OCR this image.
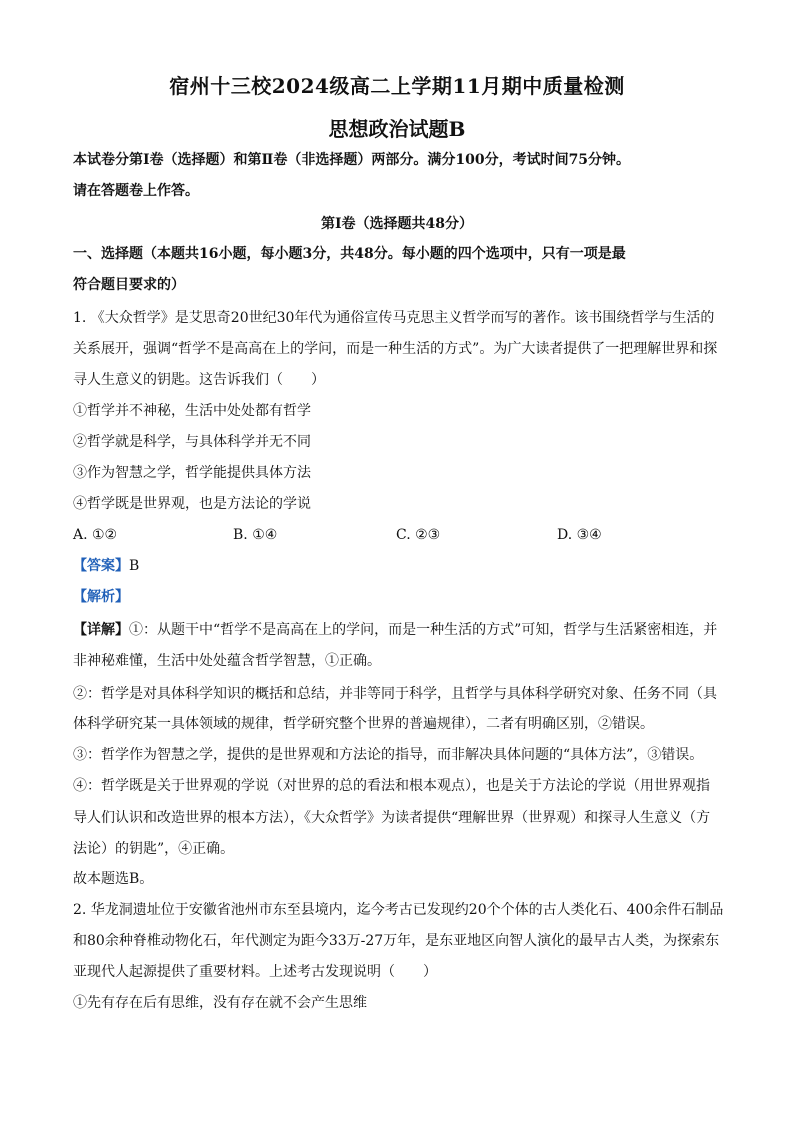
宿州十三校2024级高二上学期11月期中质量检测
思想政治试题B
本试卷分第Ⅰ卷（选择题）和第Ⅱ卷（非选择题）两部分。满分100分，考试时间75分钟。
请在答题卷上作答。
第Ⅰ卷（选择题共48分）
一、选择题（本题共16小题，每小题3分，共48分。每小题的四个选项中，只有一项是最
符合题目要求的）
1. 《大众哲学》是艾思奇20世纪30年代为通俗宣传马克思主义哲学而写的著作。该书围绕哲学与生活的
关系展开，强调“哲学不是高高在上的学问，而是一种生活的方式”。为广大读者提供了一把理解世界和探
寻人生意义的钥匙。这告诉我们（　　）
①哲学并不神秘，生活中处处都有哲学
②哲学就是科学，与具体科学并无不同
③作为智慧之学，哲学能提供具体方法
④哲学既是世界观，也是方法论的学说
A. ①②	B. ①④	C. ②③	D. ③④
【答案】B
【解析】
【详解】①：从题干中“哲学不是高高在上的学问，而是一种生活的方式”可知，哲学与生活紧密相连，并
非神秘难懂，生活中处处蕴含哲学智慧，①正确。
②：哲学是对具体科学知识的概括和总结，并非等同于科学，且哲学与具体科学研究对象、任务不同（具
体科学研究某一具体领域的规律，哲学研究整个世界的普遍规律），二者有明确区别，②错误。
③：哲学作为智慧之学，提供的是世界观和方法论的指导，而非解决具体问题的“具体方法”，③错误。
④：哲学既是关于世界观的学说（对世界的总的看法和根本观点），也是关于方法论的学说（用世界观指
导人们认识和改造世界的根本方法），《大众哲学》为读者提供“理解世界（世界观）和探寻人生意义（方
法论）的钥匙”，④正确。
故本题选B。
2. 华龙洞遗址位于安徽省池州市东至县境内，迄今考古已发现约20个个体的古人类化石、400余件石制品
和80余种脊椎动物化石，年代测定为距今33万-27万年，是东亚地区向智人演化的最早古人类，为探索东
亚现代人起源提供了重要材料。上述考古发现说明（　　）
①先有存在后有思维，没有存在就不会产生思维
